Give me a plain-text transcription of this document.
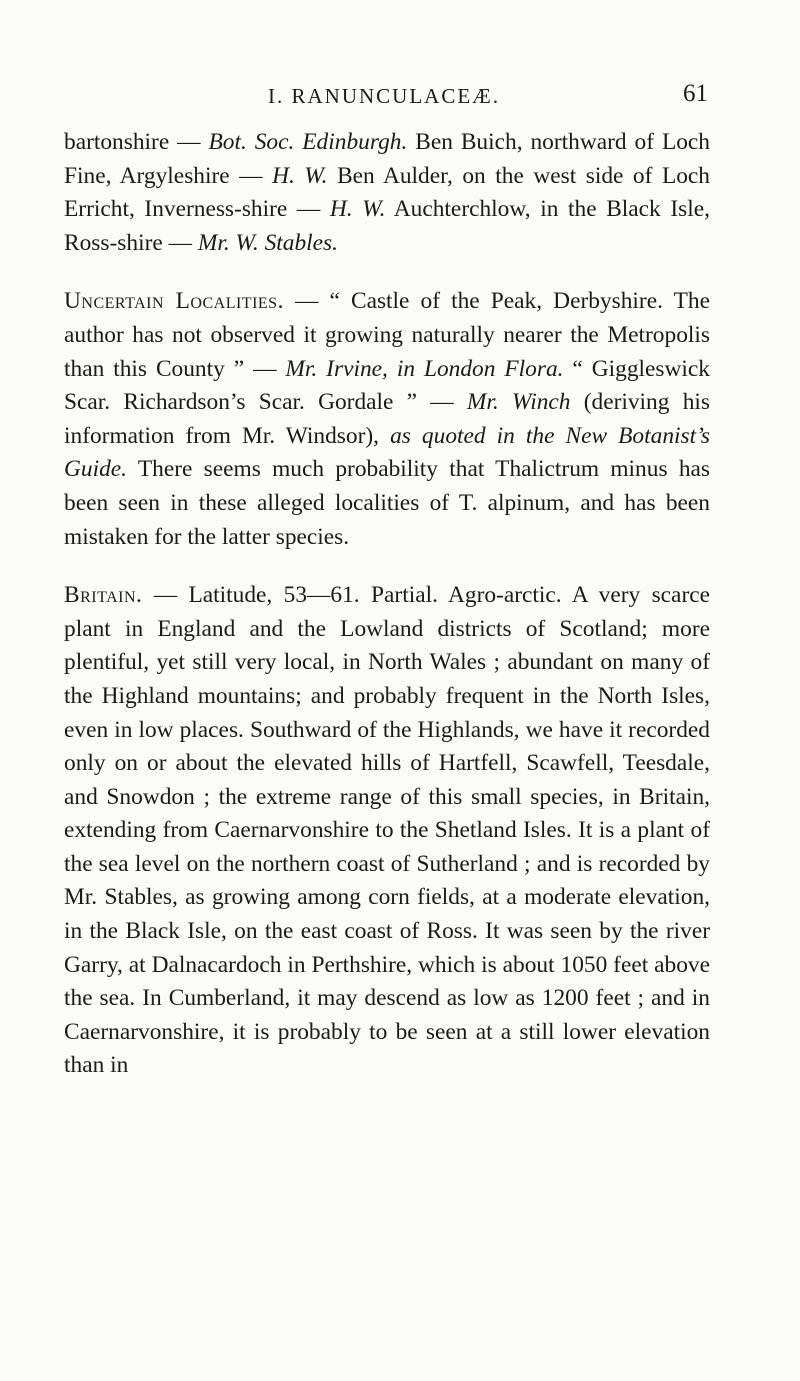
I. RANUNCULACEÆ.	61

bartonshire — Bot. Soc. Edinburgh. Ben Buich, northward of Loch Fine, Argyleshire — H. W. Ben Aulder, on the west side of Loch Erricht, Inverness-shire — H. W. Auchterchlow, in the Black Isle, Ross-shire — Mr. W. Stables.

Uncertain Localities. — “ Castle of the Peak, Derbyshire. The author has not observed it growing naturally nearer the Metropolis than this County ” — Mr. Irvine, in London Flora. “ Giggleswick Scar. Richardson’s Scar. Gordale ” — Mr. Winch (deriving his information from Mr. Windsor), as quoted in the New Botanist’s Guide. There seems much probability that Thalictrum minus has been seen in these alleged localities of T. alpinum, and has been mistaken for the latter species.

Britain. — Latitude, 53—61. Partial. Agro-arctic. A very scarce plant in England and the Lowland districts of Scotland; more plentiful, yet still very local, in North Wales ; abundant on many of the Highland mountains; and probably frequent in the North Isles, even in low places. Southward of the Highlands, we have it recorded only on or about the elevated hills of Hartfell, Scawfell, Teesdale, and Snowdon ; the extreme range of this small species, in Britain, extending from Caernarvonshire to the Shetland Isles. It is a plant of the sea level on the northern coast of Sutherland ; and is recorded by Mr. Stables, as growing among corn fields, at a moderate elevation, in the Black Isle, on the east coast of Ross. It was seen by the river Garry, at Dalnacardoch in Perthshire, which is about 1050 feet above the sea. In Cumberland, it may descend as low as 1200 feet ; and in Caernarvonshire, it is probably to be seen at a still lower elevation than in
